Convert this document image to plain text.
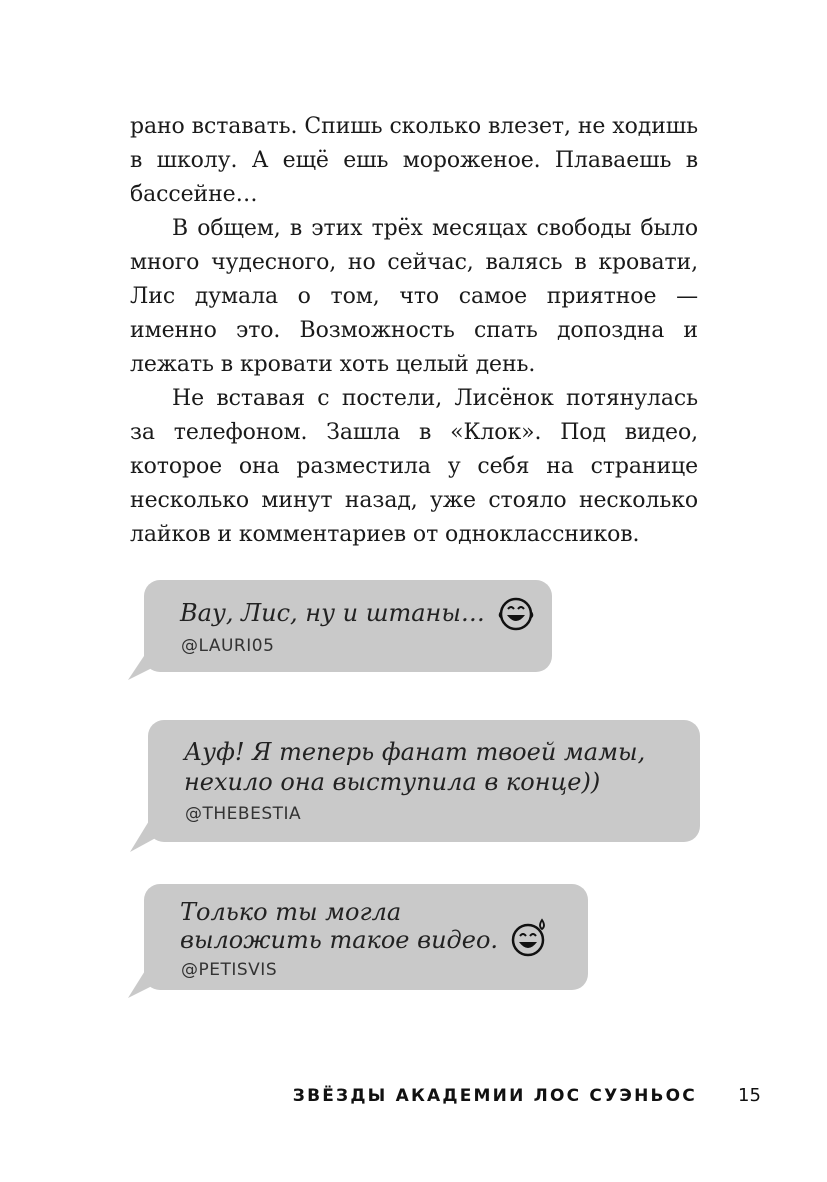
рано вставать. Спишь сколько влезет, не ходишь в школу. А ещё ешь мороженое. Плаваешь в бассейне…

В общем, в этих трёх месяцах свободы было много чудесного, но сейчас, валясь в кровати, Лис думала о том, что самое приятное — именно это. Возможность спать допоздна и лежать в кровати хоть целый день.

Не вставая с постели, Лисёнок потянулась за телефоном. Зашла в «Клок». Под видео, которое она разместила у себя на странице несколько минут назад, уже стояло несколько лайков и комментариев от одноклассников.

Вау, Лис, ну и штаны…
@LAURI05
Ауф! Я теперь фанат твоей мамы,
нехило она выступила в конце))
@THEBESTIA
Только ты могла
выложить такое видео.
@PETISVIS
ЗВЁЗДЫ АКАДЕМИИ ЛОС СУЭНЬОС 15
